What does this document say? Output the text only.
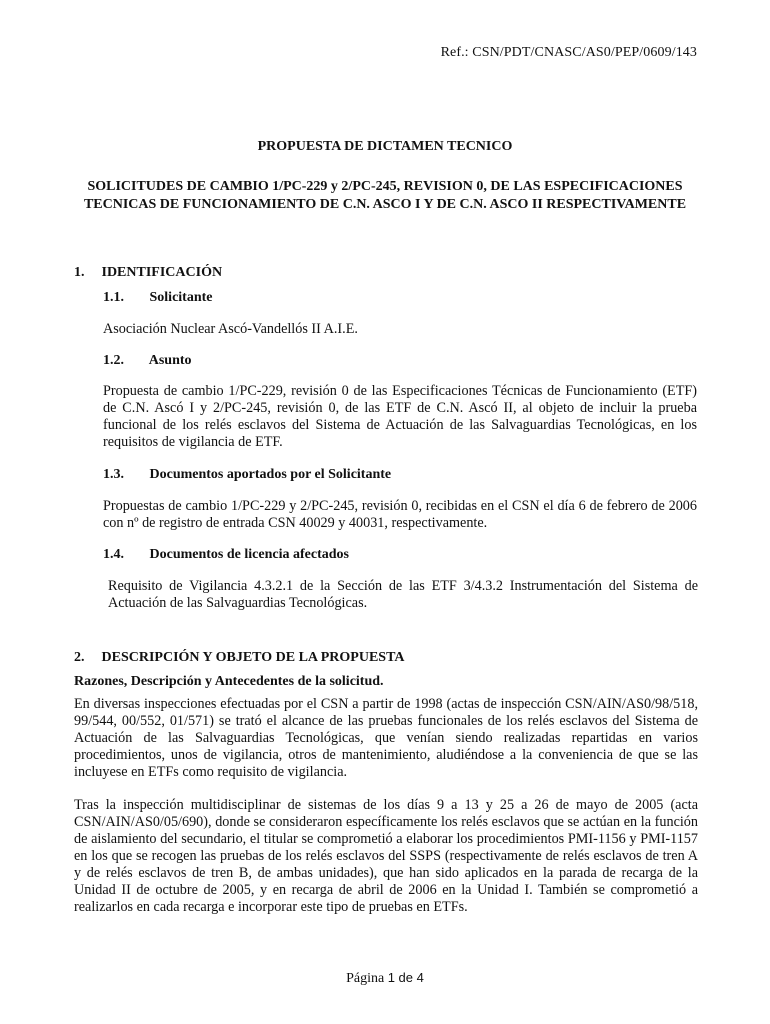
Ref.: CSN/PDT/CNASC/AS0/PEP/0609/143
PROPUESTA DE DICTAMEN TECNICO
SOLICITUDES DE CAMBIO 1/PC-229 y 2/PC-245, REVISION 0, DE LAS ESPECIFICACIONES TECNICAS DE FUNCIONAMIENTO DE C.N. ASCO I Y DE C.N. ASCO II RESPECTIVAMENTE
1. IDENTIFICACIÓN
1.1. Solicitante

Asociación Nuclear Ascó-Vandellós II A.I.E.

1.2. Asunto

Propuesta de cambio 1/PC-229, revisión 0 de las Especificaciones Técnicas de Funcionamiento (ETF) de C.N. Ascó I y 2/PC-245, revisión 0, de las ETF de C.N. Ascó II, al objeto de incluir la prueba funcional de los relés esclavos del Sistema de Actuación de las Salvaguardias Tecnológicas, en los requisitos de vigilancia de ETF.

1.3. Documentos aportados por el Solicitante

Propuestas de cambio 1/PC-229 y 2/PC-245, revisión 0, recibidas en el CSN el día 6 de febrero de 2006 con nº de registro de entrada CSN 40029 y 40031, respectivamente.

1.4. Documentos de licencia afectados

Requisito de Vigilancia 4.3.2.1 de la Sección de las ETF 3/4.3.2 Instrumentación del Sistema de Actuación de las Salvaguardias Tecnológicas.

2. DESCRIPCIÓN Y OBJETO DE LA PROPUESTA
Razones, Descripción y Antecedentes de la solicitud.

En diversas inspecciones efectuadas por el CSN a partir de 1998 (actas de inspección CSN/AIN/AS0/98/518, 99/544, 00/552, 01/571) se trató el alcance de las pruebas funcionales de los relés esclavos del Sistema de Actuación de las Salvaguardias Tecnológicas, que venían siendo realizadas repartidas en varios procedimientos, unos de vigilancia, otros de mantenimiento, aludiéndose a la conveniencia de que se las incluyese en ETFs como requisito de vigilancia.

Tras la inspección multidisciplinar de sistemas de los días 9 a 13 y 25 a 26 de mayo de 2005 (acta CSN/AIN/AS0/05/690), donde se consideraron específicamente los relés esclavos que se actúan en la función de aislamiento del secundario, el titular se comprometió a elaborar los procedimientos PMI-1156 y PMI-1157 en los que se recogen las pruebas de los relés esclavos del SSPS (respectivamente de relés esclavos de tren A y de relés esclavos de tren B, de ambas unidades), que han sido aplicados en la parada de recarga de la Unidad II de octubre de 2005, y en recarga de abril de 2006 en la Unidad I. También se comprometió a realizarlos en cada recarga e incorporar este tipo de pruebas en ETFs.

Página 1 de 4
